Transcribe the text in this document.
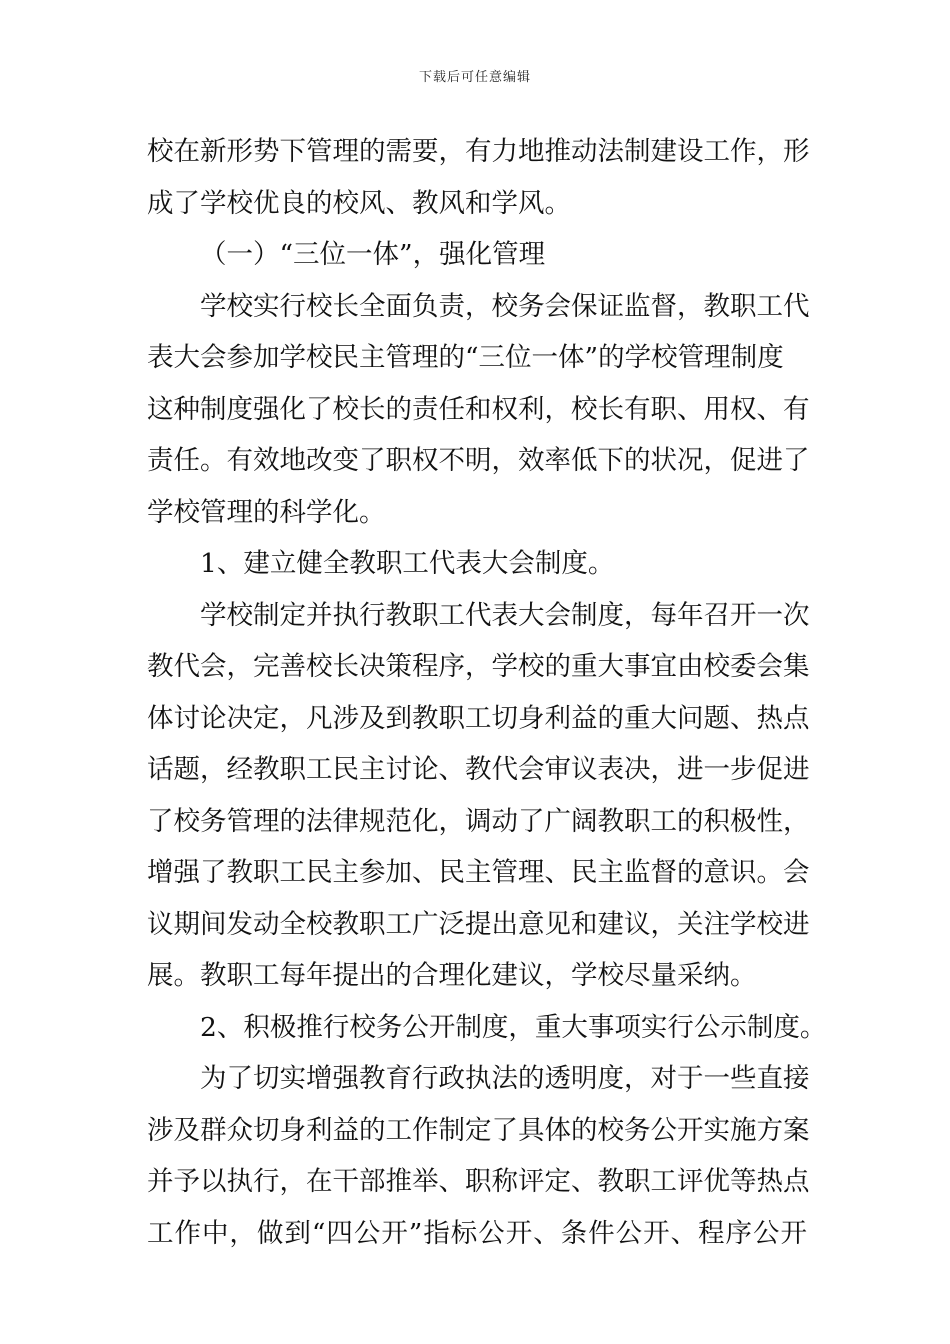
下载后可任意编辑
校在新形势下管理的需要，有力地推动法制建设工作，形
成了学校优良的校风、教风和学风。
（一）“三位一体”，强化管理
学校实行校长全面负责，校务会保证监督，教职工代
表大会参加学校民主管理的“三位一体”的学校管理制度
这种制度强化了校长的责任和权利，校长有职、用权、有
责任。有效地改变了职权不明，效率低下的状况，促进了
学校管理的科学化。
1、建立健全教职工代表大会制度。
学校制定并执行教职工代表大会制度，每年召开一次
教代会，完善校长决策程序，学校的重大事宜由校委会集
体讨论决定，凡涉及到教职工切身利益的重大问题、热点
话题，经教职工民主讨论、教代会审议表决，进一步促进
了校务管理的法律规范化，调动了广阔教职工的积极性，
增强了教职工民主参加、民主管理、民主监督的意识。会
议期间发动全校教职工广泛提出意见和建议，关注学校进
展。教职工每年提出的合理化建议，学校尽量采纳。
2、积极推行校务公开制度，重大事项实行公示制度。
为了切实增强教育行政执法的透明度，对于一些直接
涉及群众切身利益的工作制定了具体的校务公开实施方案
并予以执行，在干部推举、职称评定、教职工评优等热点
工作中，做到“四公开”指标公开、条件公开、程序公开
